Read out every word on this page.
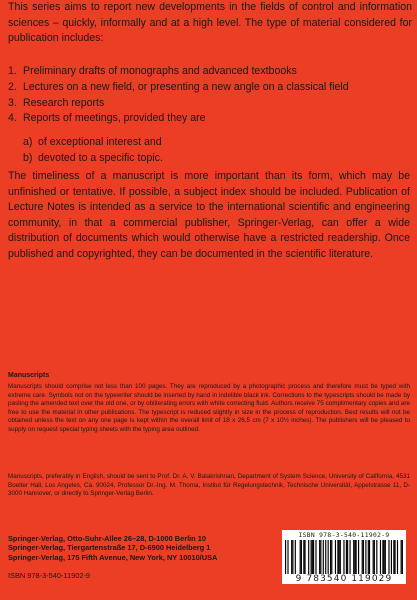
This series aims to report new developments in the fields of control and information sciences – quickly, informally and at a high level. The type of material considered for publication includes:

1. Preliminary drafts of monographs and advanced textbooks
2. Lectures on a new field, or presenting a new angle on a classical field
3. Research reports
4. Reports of meetings, provided they are
a) of exceptional interest and
b) devoted to a specific topic.

The timeliness of a manuscript is more important than its form, which may be unfinished or tentative. If possible, a subject index should be included. Publication of Lecture Notes is intended as a service to the international scientific and engineering community, in that a commercial publisher, Springer-Verlag, can offer a wide distribution of documents which would otherwise have a restricted readership. Once published and copyrighted, they can be documented in the scientific literature.

Manuscripts

Manuscripts should comprise not less than 100 pages. They are reproduced by a photographic process and therefore must be typed with extreme care. Symbols not on the typewriter should be inserted by hand in indelible black ink. Corrections to the typescripts should be made by pasting the amended text over the old one, or by obliterating errors with white correcting fluid. Authors receive 75 complimentary copies and are free to use the material in other publications. The typescript is reduced slightly in size in the process of reproduction. Best results will not be obtained unless the text on any one page is kept within the overall limit of 18 x 26.5 cm (7 x 10½ inches). The publishers will be pleased to supply on request special typing sheets with the typing area outlined.

Manuscripts, preferably in English, should be sent to Prof. Dr. A. V. Balakrishnan, Department of System Science, University of California, 4531 Boelter Hall, Los Angeles, Ca. 90024, Professor Dr.-Ing. M. Thoma, Institut für Regelungstechnik, Technische Universität, Appelstrasse 11, D-3000 Hannover, or directly to Springer-Verlag Berlin.

Springer-Verlag, Otto-Suhr-Allee 26–28, D-1000 Berlin 10
Springer-Verlag, Tiergartenstraße 17, D-6900 Heidelberg 1
Springer-Verlag, 175 Fifth Avenue, New York, NY 10010/USA

ISBN 978-3-540-11902-9

ISBN 978-3-540-11902-9
9 783540 119029
